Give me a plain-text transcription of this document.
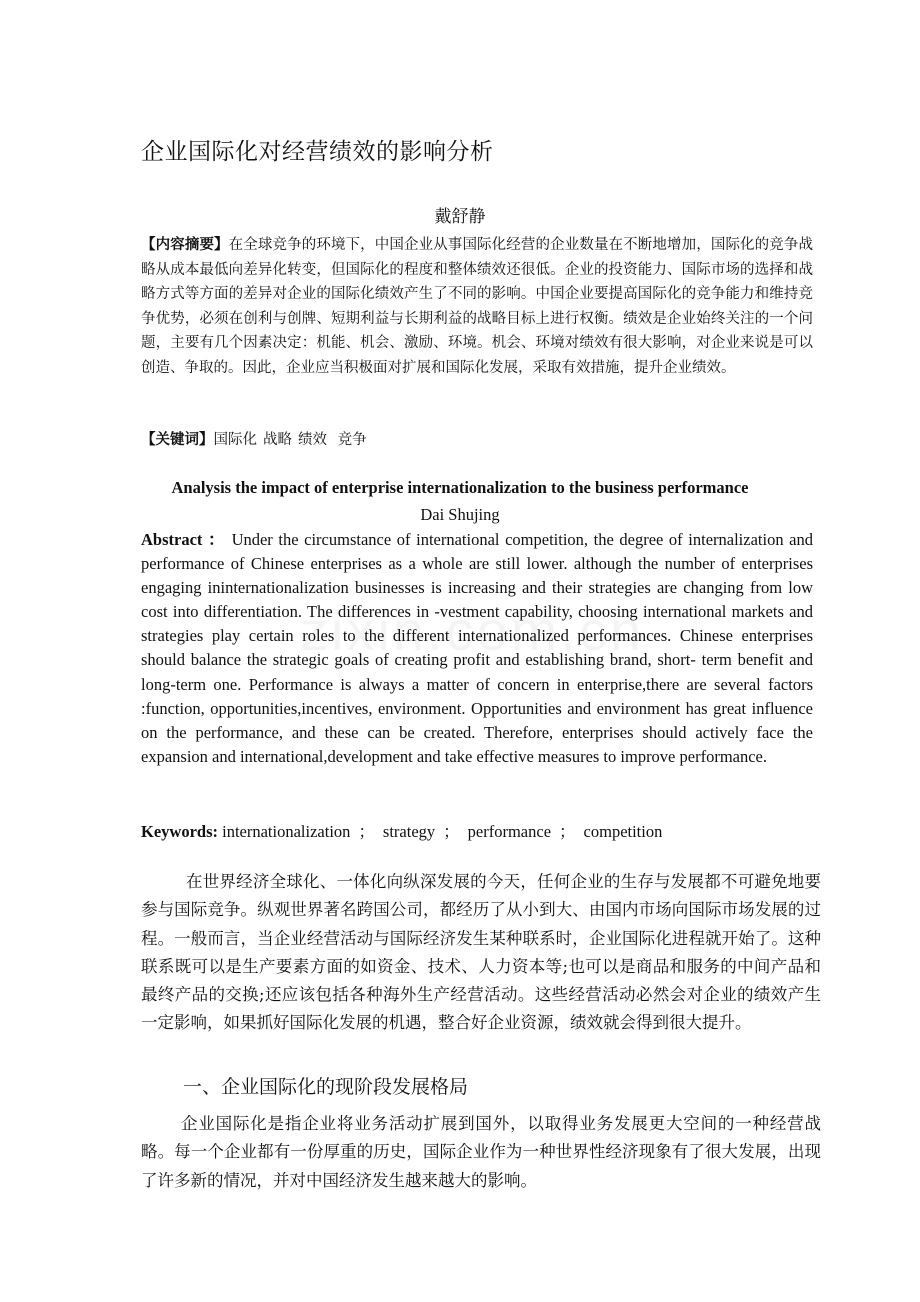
企业国际化对经营绩效的影响分析
戴舒静

【内容摘要】在全球竞争的环境下，中国企业从事国际化经营的企业数量在不断地增加，国际化的竞争战略从成本最低向差异化转变，但国际化的程度和整体绩效还很低。企业的投资能力、国际市场的选择和战略方式等方面的差异对企业的国际化绩效产生了不同的影响。中国企业要提高国际化的竞争能力和维持竞争优势，必须在创利与创牌、短期利益与长期利益的战略目标上进行权衡。绩效是企业始终关注的一个问题，主要有几个因素决定：机能、机会、激励、环境。机会、环境对绩效有很大影响，对企业来说是可以创造、争取的。因此，企业应当积极面对扩展和国际化发展，采取有效措施，提升企业绩效。

【关键词】国际化 战略 绩效 竞争

Analysis the impact of enterprise internationalization to the business performance
Dai Shujing

Abstract ： Under the circumstance of international competition, the degree of internalization and performance of Chinese enterprises as a whole are still lower. although the number of enterprises engaging ininternationalization businesses is increasing and their strategies are changing from low cost into differentiation. The differences in -vestment capability, choosing international markets and strategies play certain roles to the different internationalized performances. Chinese enterprises should balance the strategic goals of creating profit and establishing brand, short- term benefit and long-term one. Performance is always a matter of concern in enterprise,there are several factors :function, opportunities,incentives, environment. Opportunities and environment has great influence on the performance, and these can be created. Therefore, enterprises should actively face the expansion and international,development and take effective measures to improve performance.

Keywords: internationalization ； strategy ； performance ； competition

在世界经济全球化、一体化向纵深发展的今天，任何企业的生存与发展都不可避免地要参与国际竞争。纵观世界著名跨国公司，都经历了从小到大、由国内市场向国际市场发展的过程。一般而言，当企业经营活动与国际经济发生某种联系时，企业国际化进程就开始了。这种联系既可以是生产要素方面的如资金、技术、人力资本等;也可以是商品和服务的中间产品和最终产品的交换;还应该包括各种海外生产经营活动。这些经营活动必然会对企业的绩效产生一定影响，如果抓好国际化发展的机遇，整合好企业资源，绩效就会得到很大提升。

一、企业国际化的现阶段发展格局

企业国际化是指企业将业务活动扩展到国外，以取得业务发展更大空间的一种经营战略。每一个企业都有一份厚重的历史，国际企业作为一种世界性经济现象有了很大发展，出现了许多新的情况，并对中国经济发生越来越大的影响。
